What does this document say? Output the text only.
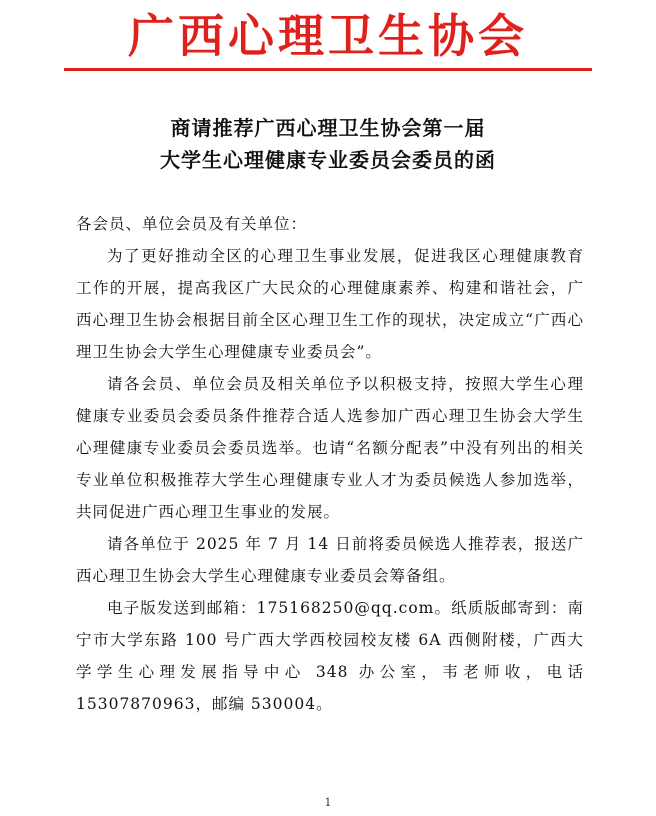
广西心理卫生协会
商请推荐广西心理卫生协会第一届
大学生心理健康专业委员会委员的函

各会员、单位会员及有关单位：

为了更好推动全区的心理卫生事业发展，促进我区心理健康教育工作的开展，提高我区广大民众的心理健康素养、构建和谐社会，广西心理卫生协会根据目前全区心理卫生工作的现状，决定成立“广西心理卫生协会大学生心理健康专业委员会”。

请各会员、单位会员及相关单位予以积极支持，按照大学生心理健康专业委员会委员条件推荐合适人选参加广西心理卫生协会大学生心理健康专业委员会委员选举。也请“名额分配表”中没有列出的相关专业单位积极推荐大学生心理健康专业人才为委员候选人参加选举，共同促进广西心理卫生事业的发展。

请各单位于 2025 年 7 月 14 日前将委员候选人推荐表，报送广西心理卫生协会大学生心理健康专业委员会筹备组。

电子版发送到邮箱：175168250@qq.com。纸质版邮寄到：南宁市大学东路 100 号广西大学西校园校友楼 6A 西侧附楼，广西大学学生心理发展指导中心 348 办公室，韦老师收，电话15307870963，邮编 530004。

1
